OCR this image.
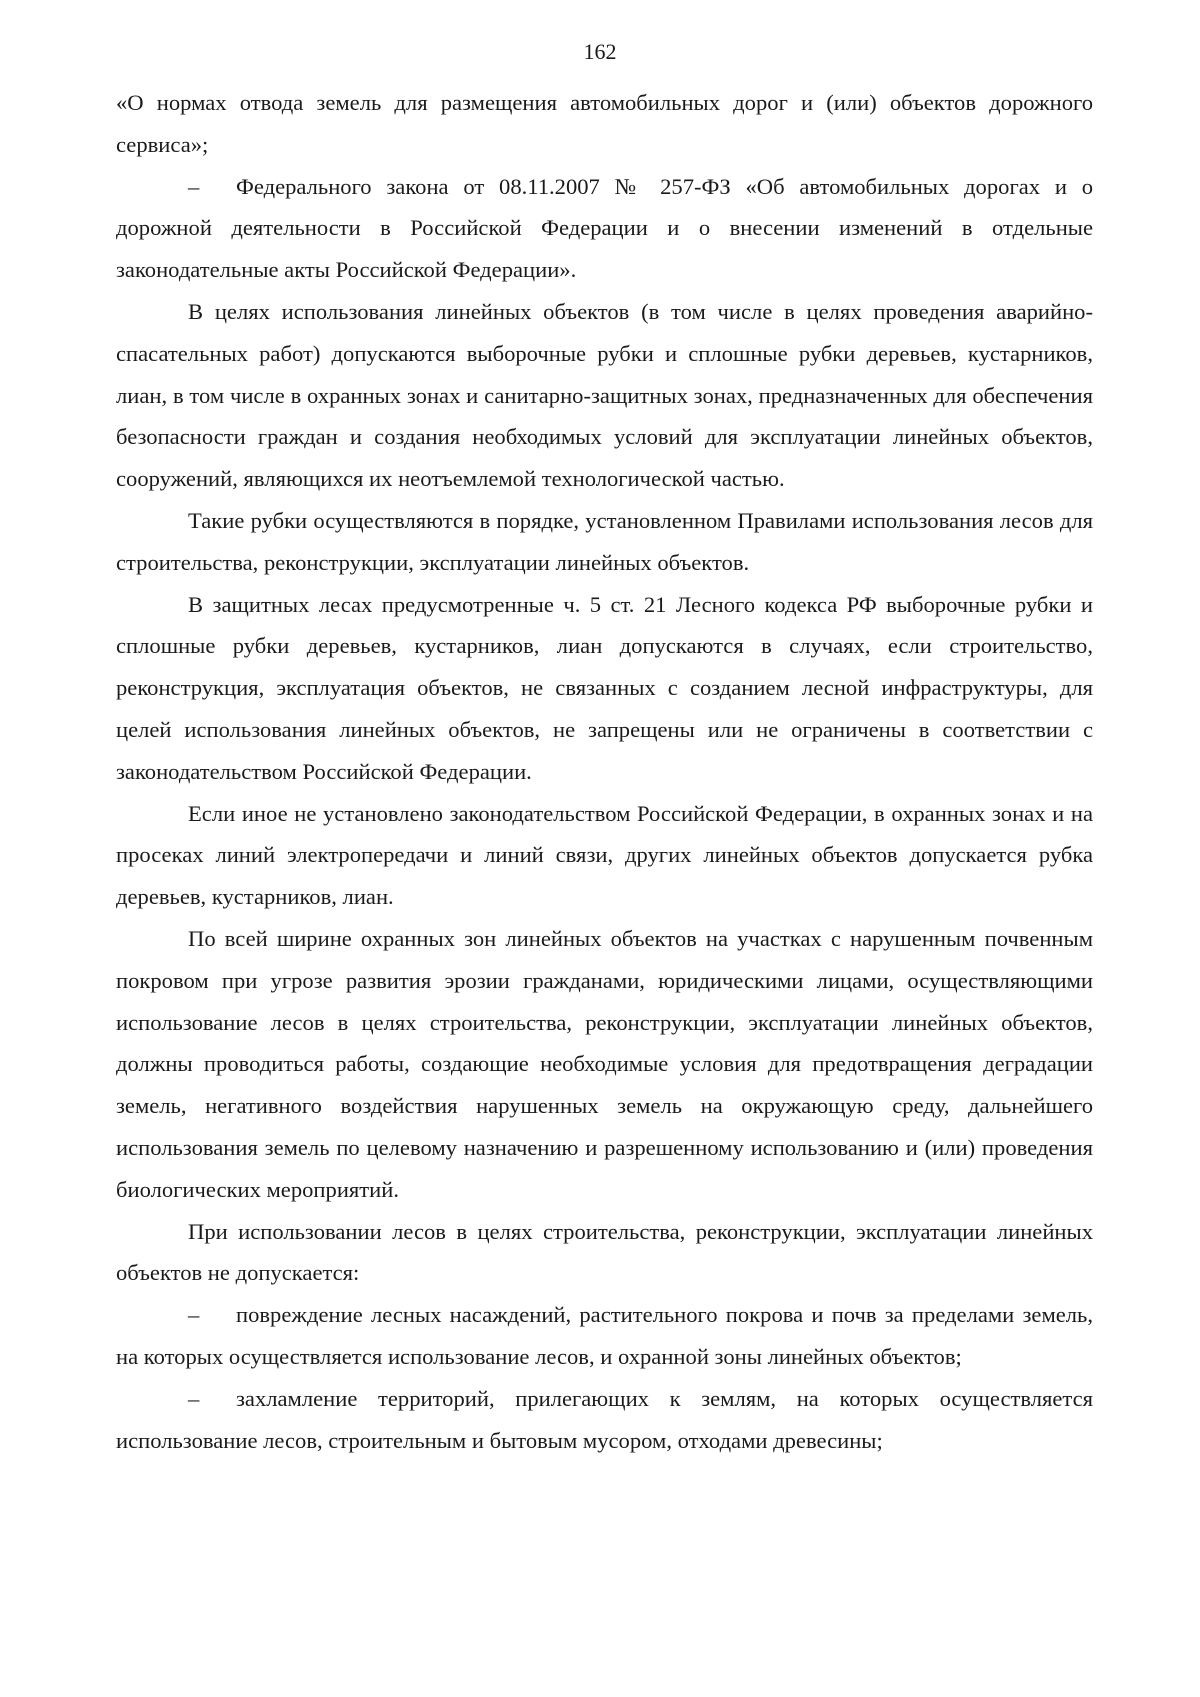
162

«О нормах отвода земель для размещения автомобильных дорог и (или) объектов дорожного сервиса»;

– Федерального закона от 08.11.2007 № 257-ФЗ «Об автомобильных дорогах и о дорожной деятельности в Российской Федерации и о внесении изменений в отдельные законодательные акты Российской Федерации».

В целях использования линейных объектов (в том числе в целях проведения аварийно-спасательных работ) допускаются выборочные рубки и сплошные рубки деревьев, кустарников, лиан, в том числе в охранных зонах и санитарно-защитных зонах, предназначенных для обеспечения безопасности граждан и создания необходимых условий для эксплуатации линейных объектов, сооружений, являющихся их неотъемлемой технологической частью.

Такие рубки осуществляются в порядке, установленном Правилами использования лесов для строительства, реконструкции, эксплуатации линейных объектов.

В защитных лесах предусмотренные ч. 5 ст. 21 Лесного кодекса РФ выборочные рубки и сплошные рубки деревьев, кустарников, лиан допускаются в случаях, если строительство, реконструкция, эксплуатация объектов, не связанных с созданием лесной инфраструктуры, для целей использования линейных объектов, не запрещены или не ограничены в соответствии с законодательством Российской Федерации.

Если иное не установлено законодательством Российской Федерации, в охранных зонах и на просеках линий электропередачи и линий связи, других линейных объектов допускается рубка деревьев, кустарников, лиан.

По всей ширине охранных зон линейных объектов на участках с нарушенным почвенным покровом при угрозе развития эрозии гражданами, юридическими лицами, осуществляющими использование лесов в целях строительства, реконструкции, эксплуатации линейных объектов, должны проводиться работы, создающие необходимые условия для предотвращения деградации земель, негативного воздействия нарушенных земель на окружающую среду, дальнейшего использования земель по целевому назначению и разрешенному использованию и (или) проведения биологических мероприятий.

При использовании лесов в целях строительства, реконструкции, эксплуатации линейных объектов не допускается:

– повреждение лесных насаждений, растительного покрова и почв за пределами земель, на которых осуществляется использование лесов, и охранной зоны линейных объектов;

– захламление территорий, прилегающих к землям, на которых осуществляется использование лесов, строительным и бытовым мусором, отходами древесины;
